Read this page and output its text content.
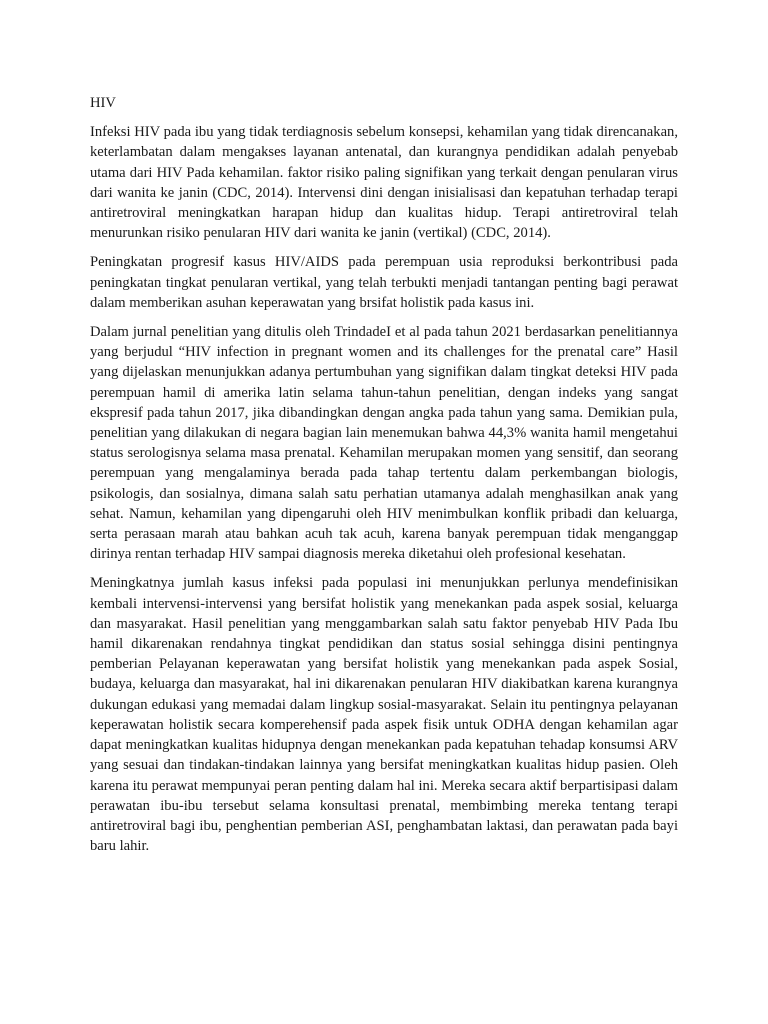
HIV

Infeksi HIV pada ibu yang tidak terdiagnosis sebelum konsepsi, kehamilan yang tidak direncanakan, keterlambatan dalam mengakses layanan antenatal, dan kurangnya pendidikan adalah penyebab utama dari HIV Pada kehamilan. faktor risiko paling signifikan yang terkait dengan penularan virus dari wanita ke janin (CDC, 2014). Intervensi dini dengan inisialisasi dan kepatuhan terhadap terapi antiretroviral meningkatkan harapan hidup dan kualitas hidup. Terapi antiretroviral telah menurunkan risiko penularan HIV dari wanita ke janin (vertikal) (CDC, 2014).

Peningkatan progresif kasus HIV/AIDS pada perempuan usia reproduksi berkontribusi pada peningkatan tingkat penularan vertikal, yang telah terbukti menjadi tantangan penting bagi perawat dalam memberikan asuhan keperawatan yang brsifat holistik pada kasus ini.

Dalam jurnal penelitian yang ditulis oleh TrindadeI et al pada tahun 2021 berdasarkan penelitiannya yang berjudul “HIV infection in pregnant women and its challenges for the prenatal care” Hasil yang dijelaskan menunjukkan adanya pertumbuhan yang signifikan dalam tingkat deteksi HIV pada perempuan hamil di amerika latin selama tahun-tahun penelitian, dengan indeks yang sangat ekspresif pada tahun 2017, jika dibandingkan dengan angka pada tahun yang sama. Demikian pula, penelitian yang dilakukan di negara bagian lain menemukan bahwa 44,3% wanita hamil mengetahui status serologisnya selama masa prenatal. Kehamilan merupakan momen yang sensitif, dan seorang perempuan yang mengalaminya berada pada tahap tertentu dalam perkembangan biologis, psikologis, dan sosialnya, dimana salah satu perhatian utamanya adalah menghasilkan anak yang sehat. Namun, kehamilan yang dipengaruhi oleh HIV menimbulkan konflik pribadi dan keluarga, serta perasaan marah atau bahkan acuh tak acuh, karena banyak perempuan tidak menganggap dirinya rentan terhadap HIV sampai diagnosis mereka diketahui oleh profesional kesehatan.

Meningkatnya jumlah kasus infeksi pada populasi ini menunjukkan perlunya mendefinisikan kembali intervensi-intervensi yang bersifat holistik yang menekankan pada aspek sosial, keluarga dan masyarakat. Hasil penelitian yang menggambarkan salah satu faktor penyebab HIV Pada Ibu hamil dikarenakan rendahnya tingkat pendidikan dan status sosial sehingga disini pentingnya pemberian Pelayanan keperawatan yang bersifat holistik yang menekankan pada aspek Sosial, budaya, keluarga dan masyarakat, hal ini dikarenakan penularan HIV diakibatkan karena kurangnya dukungan edukasi yang memadai dalam lingkup sosial-masyarakat. Selain itu pentingnya pelayanan keperawatan holistik secara komperehensif pada aspek fisik untuk ODHA dengan kehamilan agar dapat meningkatkan kualitas hidupnya dengan menekankan pada kepatuhan tehadap konsumsi ARV yang sesuai dan tindakan-tindakan lainnya yang bersifat meningkatkan kualitas hidup pasien. Oleh karena itu perawat mempunyai peran penting dalam hal ini. Mereka secara aktif berpartisipasi dalam perawatan ibu-ibu tersebut selama konsultasi prenatal, membimbing mereka tentang terapi antiretroviral bagi ibu, penghentian pemberian ASI, penghambatan laktasi, dan perawatan pada bayi baru lahir.
